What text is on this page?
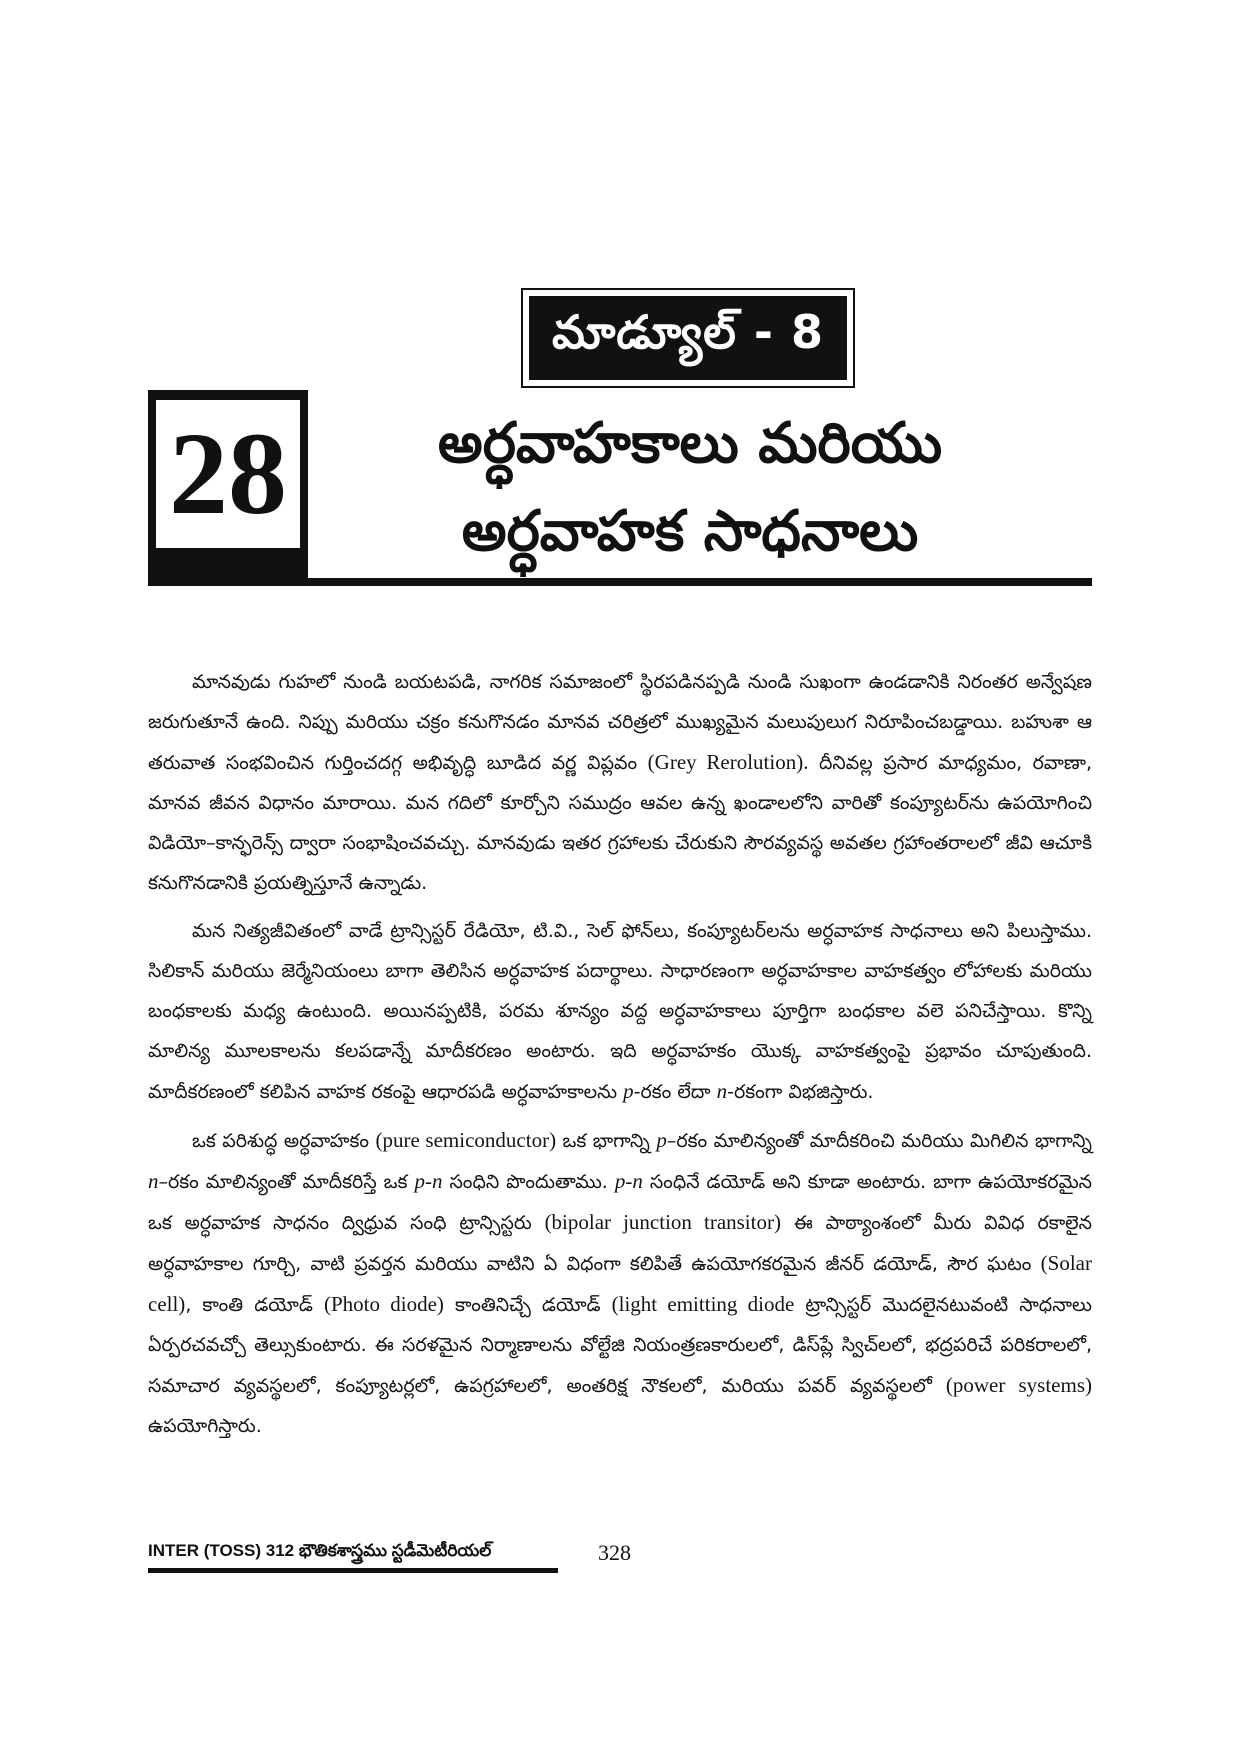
మాడ్యూల్ - 8
28	అర్ధవాహకాలు మరియు
అర్ధవాహక సాధనాలు

మానవుడు గుహలో నుండి బయటపడి, నాగరిక సమాజంలో స్థిరపడినప్పడి నుండి సుఖంగా ఉండడానికి నిరంతర అన్వేషణ జరుగుతూనే ఉంది. నిప్పు మరియు చక్రం కనుగొనడం మానవ చరిత్రలో ముఖ్యమైన మలుపులుగ నిరూపించబడ్డాయి. బహుశా ఆ తరువాత సంభవించిన గుర్తించదగ్గ అభివృద్ధి బూడిద వర్ణ విప్లవం (Grey Rerolution). దీనివల్ల ప్రసార మాధ్యమం, రవాణా, మానవ జీవన విధానం మారాయి. మన గదిలో కూర్చోని సముద్రం ఆవల ఉన్న ఖండాలలోని వారితో కంప్యూటర్‌ను ఉపయోగించి విడియో–కాన్ఫరెన్స్ ద్వారా సంభాషించవచ్చు. మానవుడు ఇతర గ్రహాలకు చేరుకుని సౌరవ్యవస్థ అవతల గ్రహాంతరాలలో జీవి ఆచూకి కనుగొనడానికి ప్రయత్నిస్తూనే ఉన్నాడు.

మన నిత్యజీవితంలో వాడే ట్రాన్సిస్టర్ రేడియో, టి.వి., సెల్ ఫోన్‌లు, కంప్యూటర్‌లను అర్ధవాహక సాధనాలు అని పిలుస్తాము. సిలికాన్ మరియు జెర్మేనియంలు బాగా తెలిసిన అర్ధవాహక పదార్థాలు. సాధారణంగా అర్ధవాహకాల వాహకత్వం లోహాలకు మరియు బంధకాలకు మధ్య ఉంటుంది. అయినప్పటికి, పరమ శూన్యం వద్ద అర్ధవాహకాలు పూర్తిగా బంధకాల వలె పనిచేస్తాయి. కొన్ని మాలిన్య మూలకాలను కలపడాన్నే మాదీకరణం అంటారు. ఇది అర్ధవాహకం యొక్క వాహకత్వంపై ప్రభావం చూపుతుంది. మాదీకరణంలో కలిపిన వాహక రకంపై ఆధారపడి అర్ధవాహకాలను p-రకం లేదా n-రకంగా విభజిస్తారు.

ఒక పరిశుద్ధ అర్ధవాహకం (pure semiconductor) ఒక భాగాన్ని p–రకం మాలిన్యంతో మాదీకరించి మరియు మిగిలిన భాగాన్ని n–రకం మాలిన్యంతో మాదీకరిస్తే ఒక p-n సంధిని పొందుతాము. p-n సంధినే డయోడ్ అని కూడా అంటారు. బాగా ఉపయోకరమైన ఒక అర్ధవాహక సాధనం ద్విధ్రువ సంధి ట్రాన్సిస్టరు (bipolar junction transitor) ఈ పాఠ్యాంశంలో మీరు వివిధ రకాలైన అర్ధవాహకాల గూర్చి, వాటి ప్రవర్తన మరియు వాటిని ఏ విధంగా కలిపితే ఉపయోగకరమైన జీనర్ డయోడ్, సౌర ఘటం (Solar cell), కాంతి డయోడ్ (Photo diode) కాంతినిచ్చే డయోడ్ (light emitting diode ట్రాన్సిస్టర్ మొదలైనటువంటి సాధనాలు ఏర్పరచవచ్చో తెల్సుకుంటారు. ఈ సరళమైన నిర్మాణాలను వోల్టేజి నియంత్రణకారులలో, డిస్‌ప్లే స్విచ్‌లలో, భద్రపరిచే పరికరాలలో, సమాచార వ్యవస్థలలో, కంప్యూటర్లలో, ఉపగ్రహాలలో, అంతరిక్ష నౌకలలో, మరియు పవర్ వ్యవస్థలలో (power systems) ఉపయోగిస్తారు.

INTER (TOSS) 312 భౌతికశాస్త్రము స్టడీమెటీరియల్	328
